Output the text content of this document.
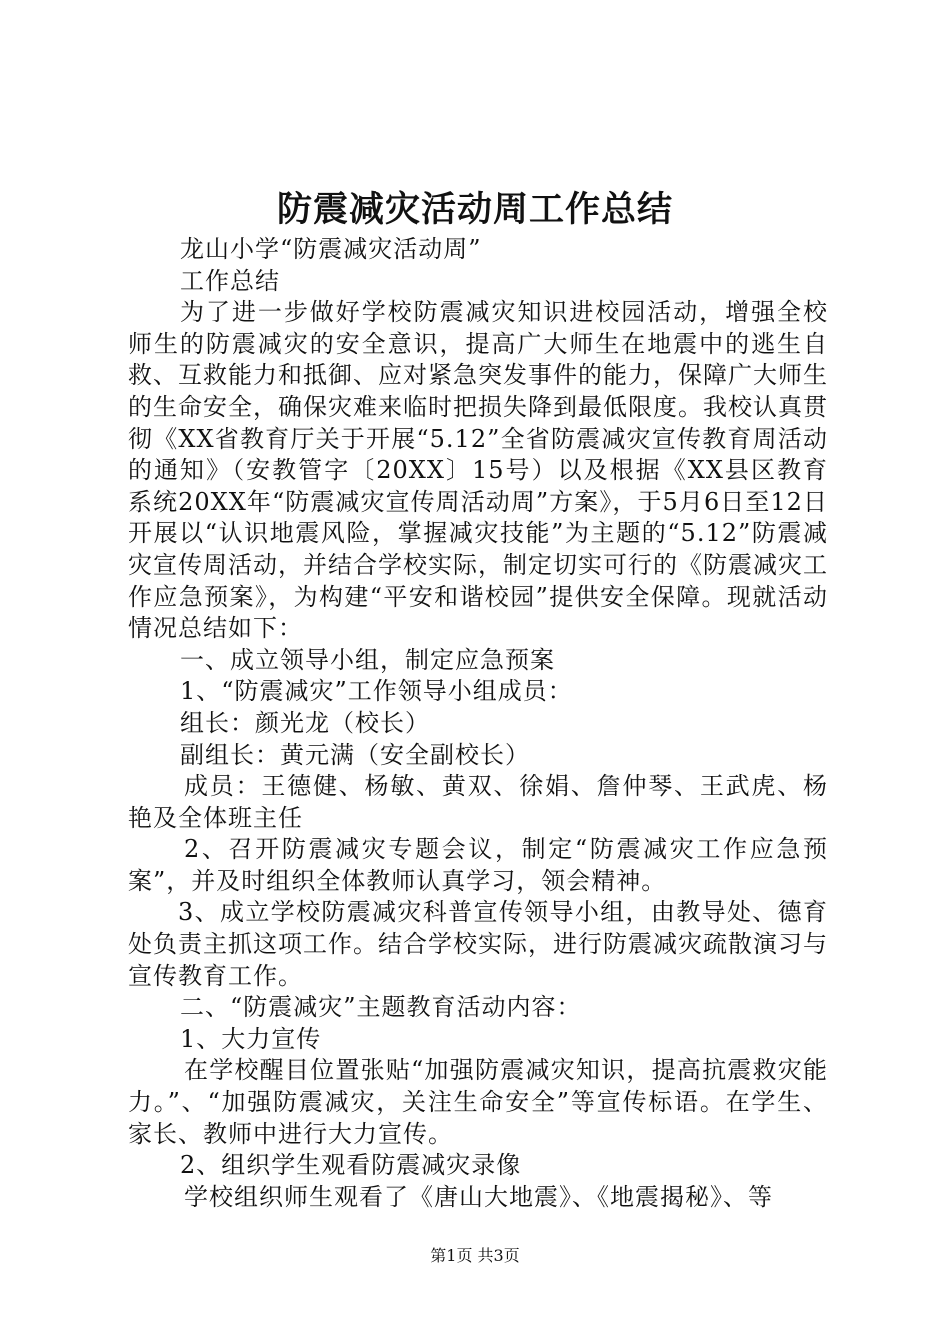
防震减灾活动周工作总结

龙山小学“防震减灾活动周”

工作总结

为了进一步做好学校防震减灾知识进校园活动，增强全校师生的防震减灾的安全意识，提高广大师生在地震中的逃生自救、互救能力和抵御、应对紧急突发事件的能力，保障广大师生的生命安全，确保灾难来临时把损失降到最低限度。我校认真贯彻《XX省教育厅关于开展“5.12”全省防震减灾宣传教育周活动的通知》（安教管字〔20XX〕15号）以及根据《XX县区教育系统20XX年“防震减灾宣传周活动周”方案》，于5月6日至12日开展以“认识地震风险，掌握减灾技能”为主题的“5.12”防震减灾宣传周活动，并结合学校实际，制定切实可行的《防震减灾工作应急预案》，为构建“平安和谐校园”提供安全保障。现就活动情况总结如下：

一、成立领导小组，制定应急预案

1、“防震减灾”工作领导小组成员：

组长：颜光龙（校长）

副组长：黄元满（安全副校长）

成员：王德健、杨敏、黄双、徐娟、詹仲琴、王武虎、杨艳及全体班主任

2、召开防震减灾专题会议，制定“防震减灾工作应急预案”，并及时组织全体教师认真学习，领会精神。

3、成立学校防震减灾科普宣传领导小组，由教导处、德育处负责主抓这项工作。结合学校实际，进行防震减灾疏散演习与宣传教育工作。

二、“防震减灾”主题教育活动内容：

1、大力宣传

在学校醒目位置张贴“加强防震减灾知识，提高抗震救灾能力。”、“加强防震减灾，关注生命安全”等宣传标语。在学生、家长、教师中进行大力宣传。

2、组织学生观看防震减灾录像

学校组织师生观看了《唐山大地震》、《地震揭秘》、等

第1页 共3页
